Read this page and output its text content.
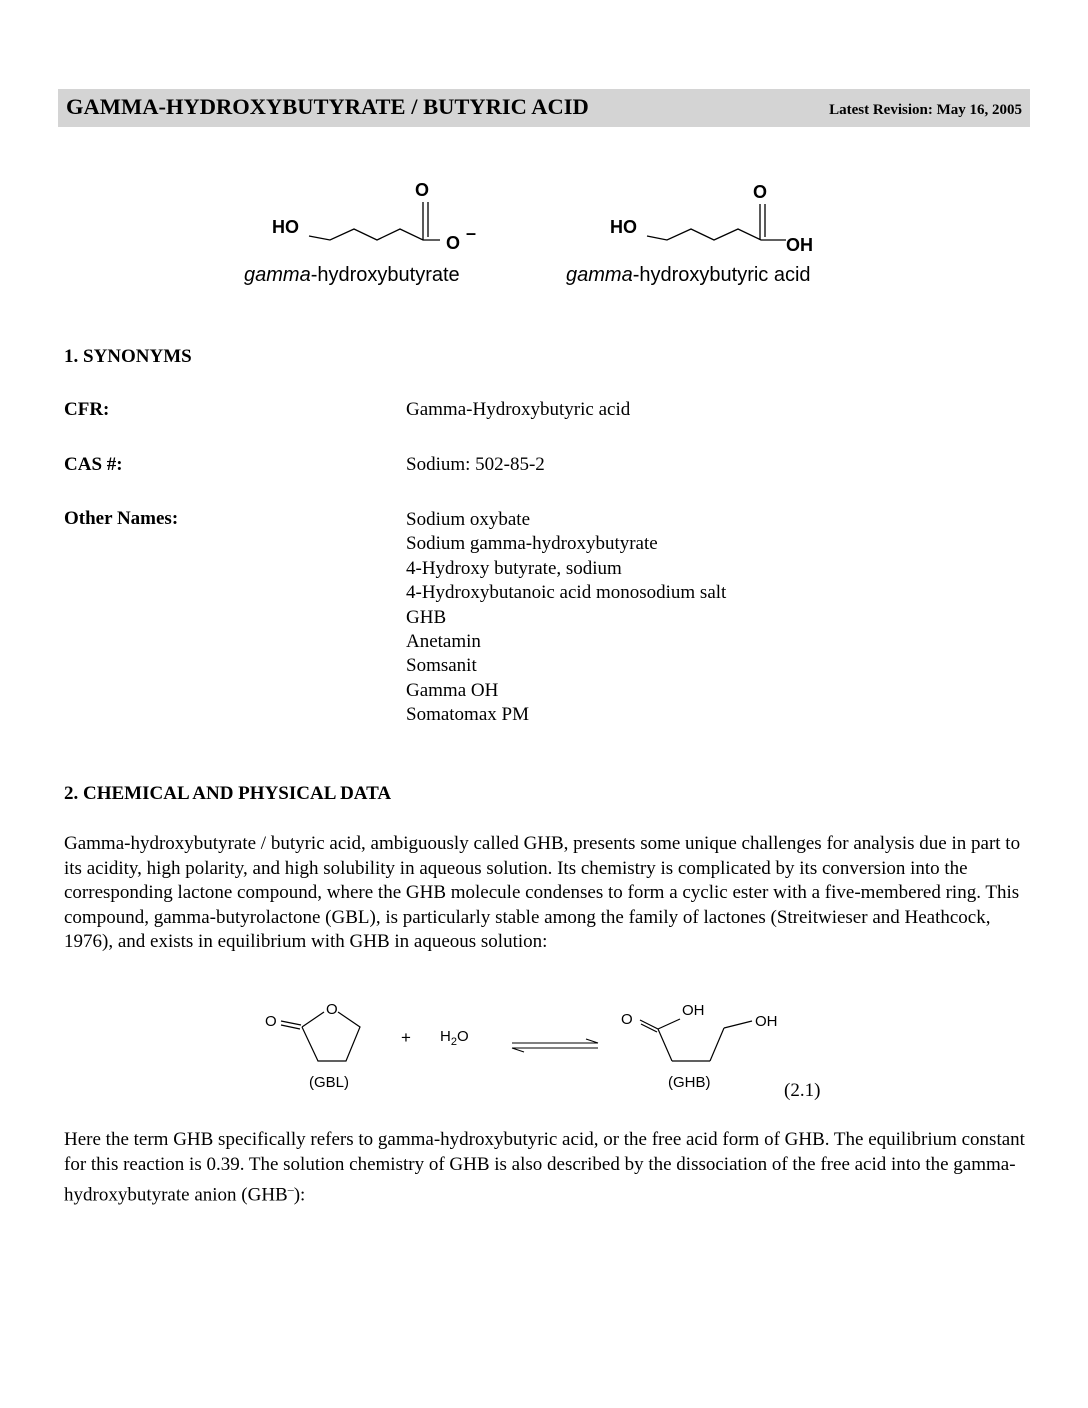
GAMMA-HYDROXYBUTYRATE / BUTYRIC ACID	Latest Revision: May 16, 2005
HO
O
O –
gamma-hydroxybutyrate
HO
O
OH
gamma-hydroxybutyric acid
1. SYNONYMS
CFR:	Gamma-Hydroxybutyric acid
CAS #:	Sodium: 502-85-2
Other Names:	Sodium oxybate
Sodium gamma-hydroxybutyrate
4-Hydroxy butyrate, sodium
4-Hydroxybutanoic acid monosodium salt
GHB
Anetamin
Somsanit
Gamma OH
Somatomax PM
2. CHEMICAL AND PHYSICAL DATA

Gamma-hydroxybutyrate / butyric acid, ambiguously called GHB, presents some unique challenges for analysis due in part to its acidity, high polarity, and high solubility in aqueous solution. Its chemistry is complicated by its conversion into the corresponding lactone compound, where the GHB molecule condenses to form a cyclic ester with a five-membered ring. This compound, gamma-butyrolactone (GBL), is particularly stable among the family of lactones (Streitwieser and Heathcock, 1976), and exists in equilibrium with GHB in aqueous solution:

O
O
+ $H_2O$
O
OH
OH
(GBL)	(GHB)	(2.1)

Here the term GHB specifically refers to gamma-hydroxybutyric acid, or the free acid form of GHB. The equilibrium constant for this reaction is 0.39. The solution chemistry of GHB is also described by the dissociation of the free acid into the gamma-hydroxybutyrate anion (GHB–):
